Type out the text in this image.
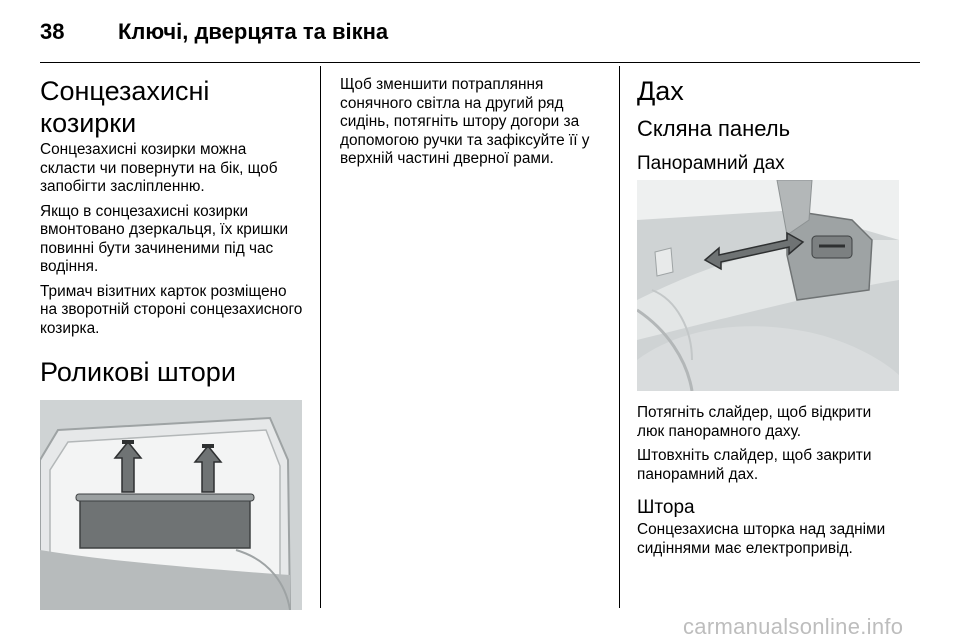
38 Ключі, дверцята та вікна
Сонцезахисні козирки

Сонцезахисні козирки можна скласти чи повернути на бік, щоб запобігти засліпленню.

Якщо в сонцезахисні козирки вмонтовано дзеркальця, їх кришки повинні бути зачиненими під час водіння.

Тримач візитних карток розміщено на зворотній стороні сонцезахисного козирка.

Роликові штори

Щоб зменшити потрапляння сонячного світла на другий ряд сидінь, потягніть штору догори за допомогою ручки та зафіксуйте її у верхній частині дверної рами.

Дах
Скляна панель
Панорамний дах

Потягніть слайдер, щоб відкрити люк панорамного даху.

Штовхніть слайдер, щоб закрити панорамний дах.

Штора

Сонцезахисна шторка над задніми сидіннями має електропривід.

carmanualsonline.info
